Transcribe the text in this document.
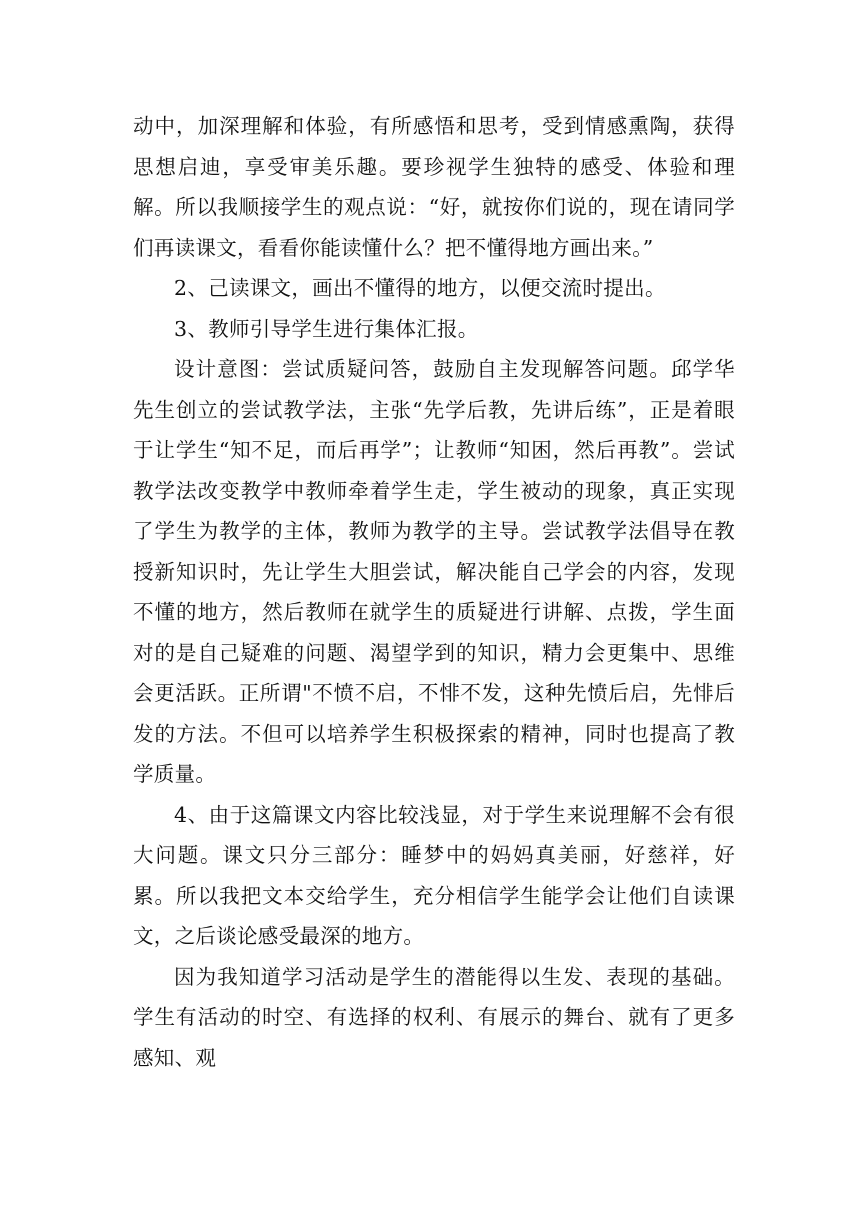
动中，加深理解和体验，有所感悟和思考，受到情感熏陶，获得思想启迪，享受审美乐趣。要珍视学生独特的感受、体验和理解。所以我顺接学生的观点说：“好，就按你们说的，现在请同学们再读课文，看看你能读懂什么？把不懂得地方画出来。”

2、己读课文，画出不懂得的地方，以便交流时提出。

3、教师引导学生进行集体汇报。

设计意图：尝试质疑问答，鼓励自主发现解答问题。邱学华先生创立的尝试教学法，主张“先学后教，先讲后练”，正是着眼于让学生“知不足，而后再学”；让教师“知困，然后再教”。尝试教学法改变教学中教师牵着学生走，学生被动的现象，真正实现了学生为教学的主体，教师为教学的主导。尝试教学法倡导在教授新知识时，先让学生大胆尝试，解决能自己学会的内容，发现不懂的地方，然后教师在就学生的质疑进行讲解、点拨，学生面对的是自己疑难的问题、渴望学到的知识，精力会更集中、思维会更活跃。正所谓"不愤不启，不悱不发，这种先愤后启，先悱后发的方法。不但可以培养学生积极探索的精神，同时也提高了教学质量。

4、由于这篇课文内容比较浅显，对于学生来说理解不会有很大问题。课文只分三部分：睡梦中的妈妈真美丽，好慈祥，好累。所以我把文本交给学生，充分相信学生能学会让他们自读课文，之后谈论感受最深的地方。

因为我知道学习活动是学生的潜能得以生发、表现的基础。学生有活动的时空、有选择的权利、有展示的舞台、就有了更多感知、观
